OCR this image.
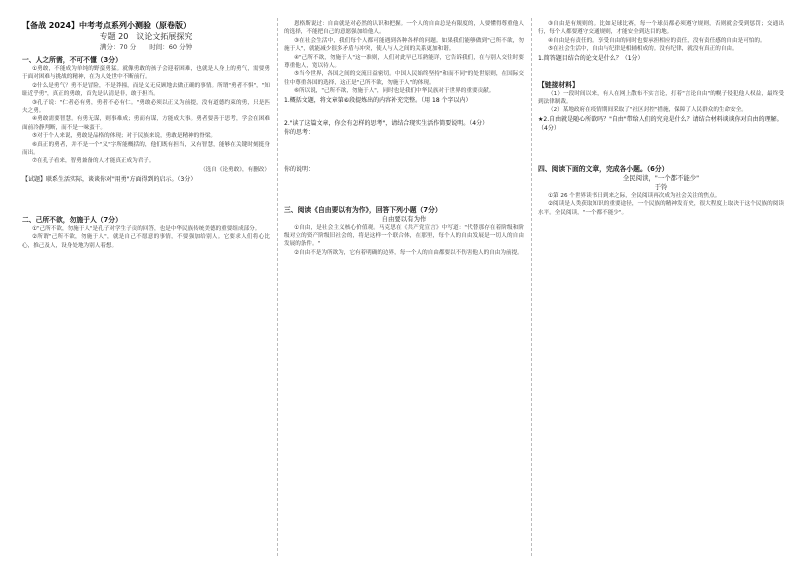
【备战 2024】中考考点系列小测验（原卷版）
专题 20　议论文拓展探究
满分：70 分　　时间：60 分钟
一、人之所需，不可不懂（3分）

①勇敢，不能成为单纯的野蛮勇猛。就像勇敢的孩子会迎着困难，也就是人身上的勇气，需要勇于面对困难与挑战的精神，在为人处世中不断前行。

②什么是勇气？勇不是冒险，不是莽撞，而是义无反顾地去做正确的事情。所谓"勇者不惧"，"知耻近乎勇"，真正的勇敢，首先是认清是非，敢于担当。

③孔子说："仁者必有勇，勇者不必有仁。"勇敢必须以正义为前提，没有道德约束的勇，只是匹夫之勇。

④勇敢需要智慧。有勇无谋，则事难成；勇而有谋，方能成大事。勇者要善于思考，学会在困难面前冷静判断，而不是一味蛮干。

⑤对于个人来说，勇敢是品格的体现；对于民族来说，勇敢是精神的脊梁。

⑥真正的勇者，并不是一个"义"字所能概括的，他们既有担当，又有智慧，能够在关键时刻挺身而出。

⑦在孔子看来，智勇兼备的人才能真正成为君子。

（选自《论勇敢》，有删改）
【试题】联系生活实际，谈谈你对"用勇"方面得到的启示。（3分）
二、己所不欲，勿施于人（7分）

①"己所不欲，勿施于人"是孔子对学生子贡的回答，也是中华民族传统美德的重要组成部分。

②所谓"己所不欲，勿施于人"，就是自己不愿意的事情，不要强加给别人。它要求人们将心比心，推己及人，设身处地为别人着想。

恩格斯说过：自由就是对必然的认识和把握。一个人的自由总是有限度的，人要懂得尊重他人的选择，不能把自己的意愿强加给他人。

③在社会生活中，我们每个人都可能遇到各种各样的问题。如果我们能够做到"己所不欲，勿施于人"，就能减少很多矛盾与冲突，使人与人之间的关系更加和谐。

④"己所不欲，勿施于人"这一准则，人们对此早已耳熟能详，它告诉我们，在与别人交往时要尊重他人，宽以待人。

⑤当今世界，各国之间的交流日益密切。中国人民始终坚持"和而不同"的处世原则，在国际交往中尊重各国的选择，这正是"己所不欲，勿施于人"的体现。

⑥所以说，"己所不欲，勿施于人"，同时也是我们中华民族对于世界的重要贡献。

1.概括文题，将文章第⑥段提炼出的内容补充完整。（用 18 个字以内）
2."读了这篇文章，你会有怎样的思考"，请结合现实生活作简要说明。（4分）
你的思考：
你的说明：
三、阅读《自由要以有为作》，回答下列小题（7分）
自由要以有为作

①自由，是社会主义核心价值观。马克思在《共产党宣言》中写道："代替那存在着阶级和阶级对立的资产阶级旧社会的，将是这样一个联合体，在那里，每个人的自由发展是一切人的自由发展的条件。"

②自由不是为所欲为，它有着明确的边界，每一个人的自由都要以不伤害他人的自由为前提。

③自由是有规则的。比如足球比赛，每一个球员都必须遵守规则，否则就会受到惩罚；交通出行，每个人都要遵守交通规则，才能安全到达目的地。

④自由是有责任的。享受自由的同时也要承担相应的责任，没有责任感的自由是可怕的。

⑤在社会生活中，自由与纪律是相辅相成的。没有纪律，就没有真正的自由。

1.简答题目结合的论文是什么？（1分）
【链接材料】

（1）一段时间以来，有人在网上散布不实言论，打着"言论自由"的幌子侵犯他人权益，最终受到法律制裁。

（2）某地政府在疫情期间采取了"社区封控"措施，保障了人民群众的生命安全。

★2.自由就是随心所欲吗？"自由"带给人们的究竟是什么？请结合材料谈谈你对自由的理解。（4分）
四、阅读下面的文章，完成各小题。（6分）
全民阅读，"一个都不能少"
于铃

①第 26 个世界读书日到来之际，全民阅读再次成为社会关注的焦点。

②阅读是人类获取知识的重要途径，一个民族的精神发育史，很大程度上取决于这个民族的阅读水平。全民阅读，"一个都不能少"。
